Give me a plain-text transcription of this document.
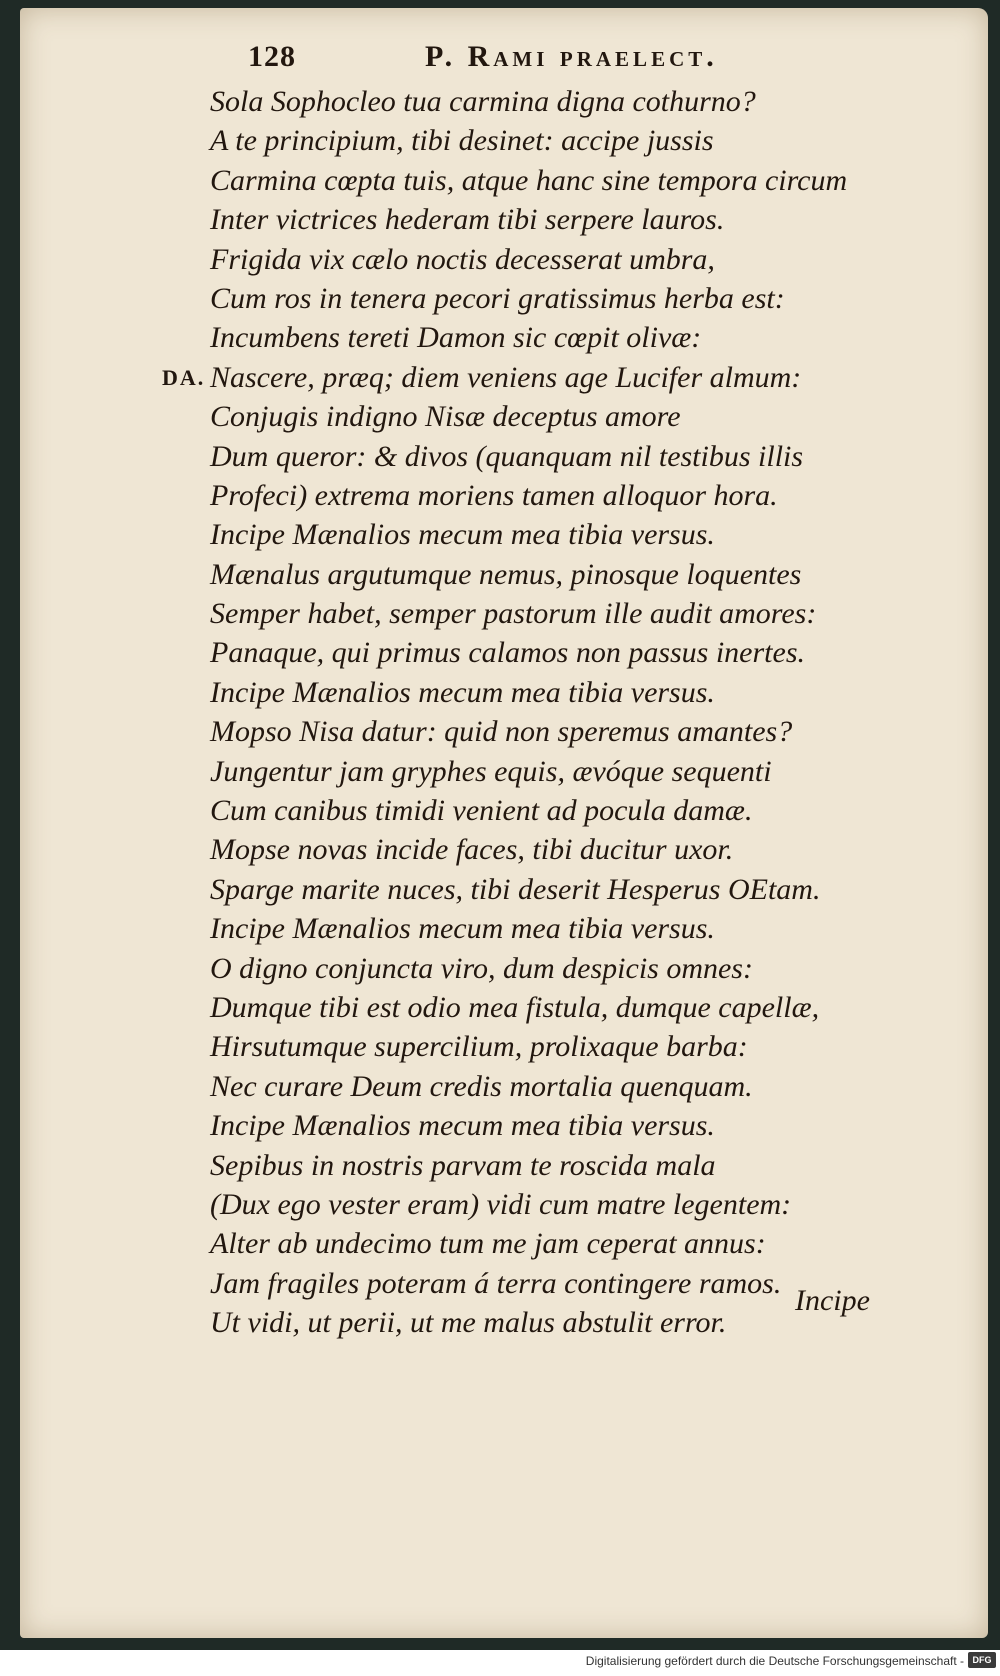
128	P. Rami praelect.
Sola Sophocleo tua carmina digna cothurno?
A te principium, tibi desinet: accipe jussis
Carmina cœpta tuis, atque hanc sine tempora circum
Inter victrices hederam tibi serpere lauros.
Frigida vix cælo noctis decesserat umbra,
Cum ros in tenera pecori gratissimus herba est:
Incumbens tereti Damon sic cœpit olivæ:
DA. Nascere, præq; diem veniens age Lucifer almum:
Conjugis indigno Nisæ deceptus amore
Dum queror: & divos (quanquam nil testibus illis
Profeci) extrema moriens tamen alloquor hora.
Incipe Mænalios mecum mea tibia versus.
Mænalus argutumque nemus, pinosque loquentes
Semper habet, semper pastorum ille audit amores:
Panaque, qui primus calamos non passus inertes.
Incipe Mænalios mecum mea tibia versus.
Mopso Nisa datur: quid non speremus amantes?
Jungentur jam gryphes equis, ævóque sequenti
Cum canibus timidi venient ad pocula damæ.
Mopse novas incide faces, tibi ducitur uxor.
Sparge marite nuces, tibi deserit Hesperus OEtam.
Incipe Mænalios mecum mea tibia versus.
O digno conjuncta viro, dum despicis omnes:
Dumque tibi est odio mea fistula, dumque capellæ,
Hirsutumque supercilium, prolixaque barba:
Nec curare Deum credis mortalia quenquam.
Incipe Mænalios mecum mea tibia versus.
Sepibus in nostris parvam te roscida mala
(Dux ego vester eram) vidi cum matre legentem:
Alter ab undecimo tum me jam ceperat annus:
Jam fragiles poteram á terra contingere ramos.
Ut vidi, ut perii, ut me malus abstulit error.
Incipe
Digitalisierung gefördert durch die Deutsche Forschungsgemeinschaft - DFG
